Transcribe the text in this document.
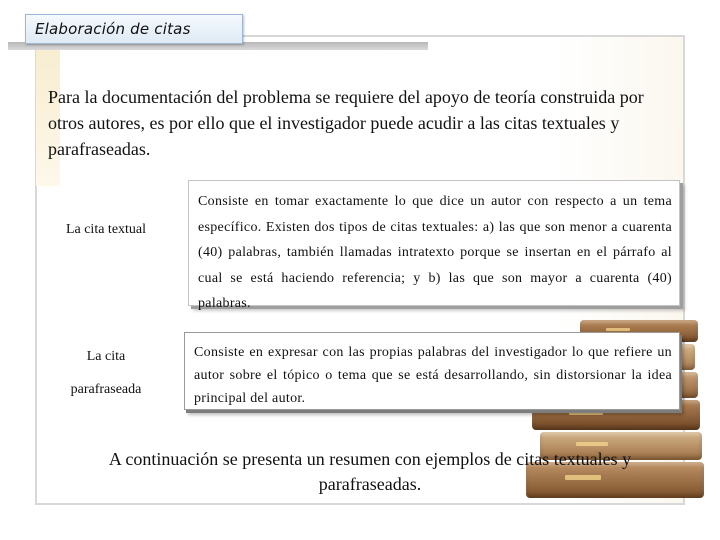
Elaboración de citas
Para la documentación del problema se requiere del apoyo de teoría construida por otros autores, es por ello que el investigador puede acudir a las citas textuales y parafraseadas.
La cita textual
La cita
parafraseada
Consiste en tomar exactamente lo que dice un autor con respecto a un tema específico. Existen dos tipos de citas textuales: a) las que son menor a cuarenta (40) palabras, también llamadas intratexto porque se insertan en el párrafo al cual se está haciendo referencia; y b) las que son mayor a cuarenta (40) palabras.
Consiste en expresar con las propias palabras del investigador lo que refiere un autor sobre el tópico o tema que se está desarrollando, sin distorsionar la idea principal del autor.
A continuación se presenta un resumen con ejemplos de citas textuales y parafraseadas.
